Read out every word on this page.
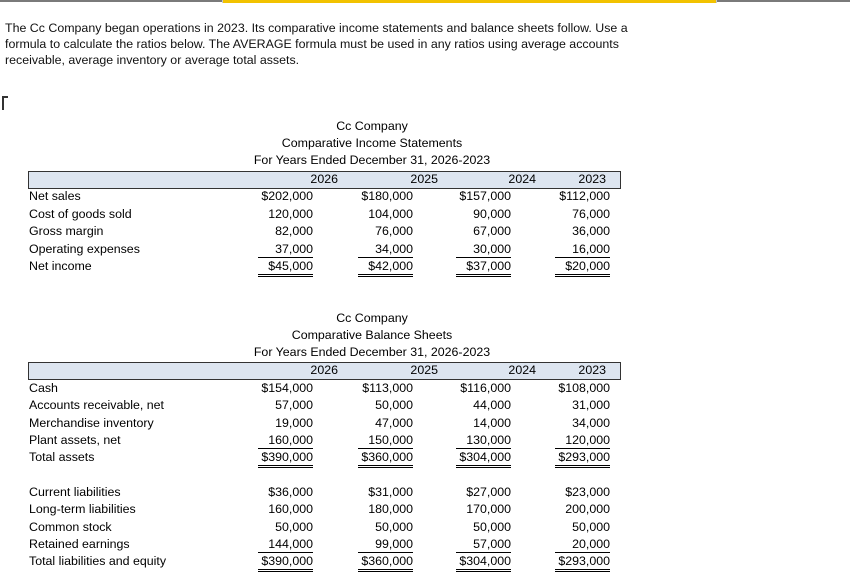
The Cc Company began operations in 2023. Its comparative income statements and balance sheets follow. Use a
formula to calculate the ratios below. The AVERAGE formula must be used in any ratios using average accounts
receivable, average inventory or average total assets.
Cc Company
Comparative Income Statements
For Years Ended December 31, 2026-2023
2026	2025	2024	2023
Net sales	$202,000	$180,000	$157,000	$112,000
Cost of goods sold	120,000	104,000	90,000	76,000
Gross margin	82,000	76,000	67,000	36,000
Operating expenses	37,000	34,000	30,000	16,000
Net income	$45,000	$42,000	$37,000	$20,000
Cc Company
Comparative Balance Sheets
For Years Ended December 31, 2026-2023
2026	2025	2024	2023
Cash	$154,000	$113,000	$116,000	$108,000
Accounts receivable, net	57,000	50,000	44,000	31,000
Merchandise inventory	19,000	47,000	14,000	34,000
Plant assets, net	160,000	150,000	130,000	120,000
Total assets	$390,000	$360,000	$304,000	$293,000
Current liabilities	$36,000	$31,000	$27,000	$23,000
Long-term liabilities	160,000	180,000	170,000	200,000
Common stock	50,000	50,000	50,000	50,000
Retained earnings	144,000	99,000	57,000	20,000
Total liabilities and equity	$390,000	$360,000	$304,000	$293,000
